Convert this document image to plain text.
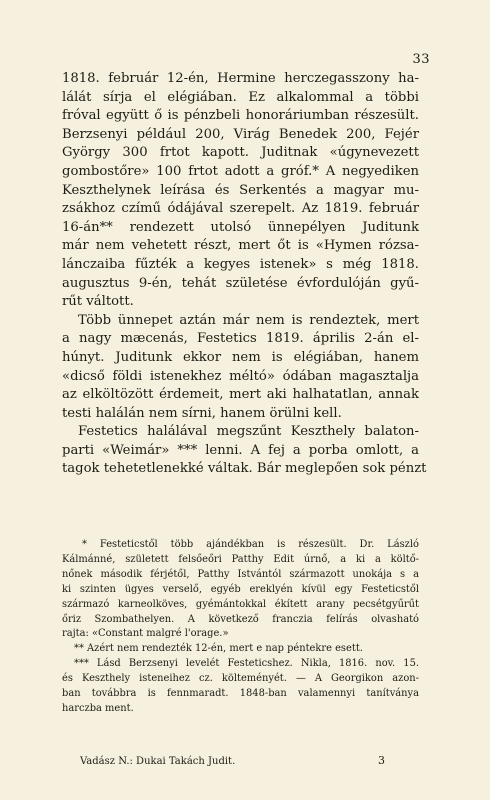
33
1818. február 12-én, Hermine herczegasszony ha-
lálát sírja el elégiában. Ez alkalommal a többi
fróval együtt ő is pénzbeli honoráriumban részesült.
Berzsenyi például 200, Virág Benedek 200, Fejér
György 300 frtot kapott. Juditnak «úgynevezett
gombostőre» 100 frtot adott a gróf.* A negyediken
Keszthelynek leírása és Serkentés a magyar mu-
zsákhoz czímű ódájával szerepelt. Az 1819. február
16-án** rendezett utolsó ünnepélyen Juditunk
már nem vehetett részt, mert őt is «Hymen rózsa-
lánczaiba fűzték a kegyes istenek» s még 1818.
augusztus 9-én, tehát születése évfordulóján gyű-
rűt váltott.
Több ünnepet aztán már nem is rendeztek, mert
a nagy mæcenás, Festetics 1819. április 2-án el-
húnyt. Juditunk ekkor nem is elégiában, hanem
«dicső földi istenekhez méltó» ódában magasztalja
az elköltözött érdemeit, mert aki halhatatlan, annak
testi halálán nem sírni, hanem örülni kell.
Festetics halálával megszűnt Keszthely balaton-
parti «Weimár» *** lenni. A fej a porba omlott, a
tagok tehetetlenekké váltak. Bár meglepően sok pénzt
* Festeticstől több ajándékban is részesült. Dr. László
Kálmánné, született felsőeőri Patthy Edit úrnő, a ki a költő-
nőnek második férjétől, Patthy Istvántól származott unokája s a
ki szinten ügyes verselő, egyéb ereklyén kívül egy Festeticstől
származó karneolköves, gyémántokkal ékített arany pecsétgyűrűt
őriz Szombathelyen. A következő franczia felírás olvasható
rajta: «Constant malgré l'orage.»
** Azért nem rendezték 12-én, mert e nap péntekre esett.
*** Lásd Berzsenyi levelét Festeticshez. Nikla, 1816. nov. 15.
és Keszthely isteneihez cz. költeményét. — A Georgikon azon-
ban továbbra is fennmaradt. 1848-ban valamennyi tanítványa
harczba ment.
Vadász N.: Dukai Takách Judit.	3
